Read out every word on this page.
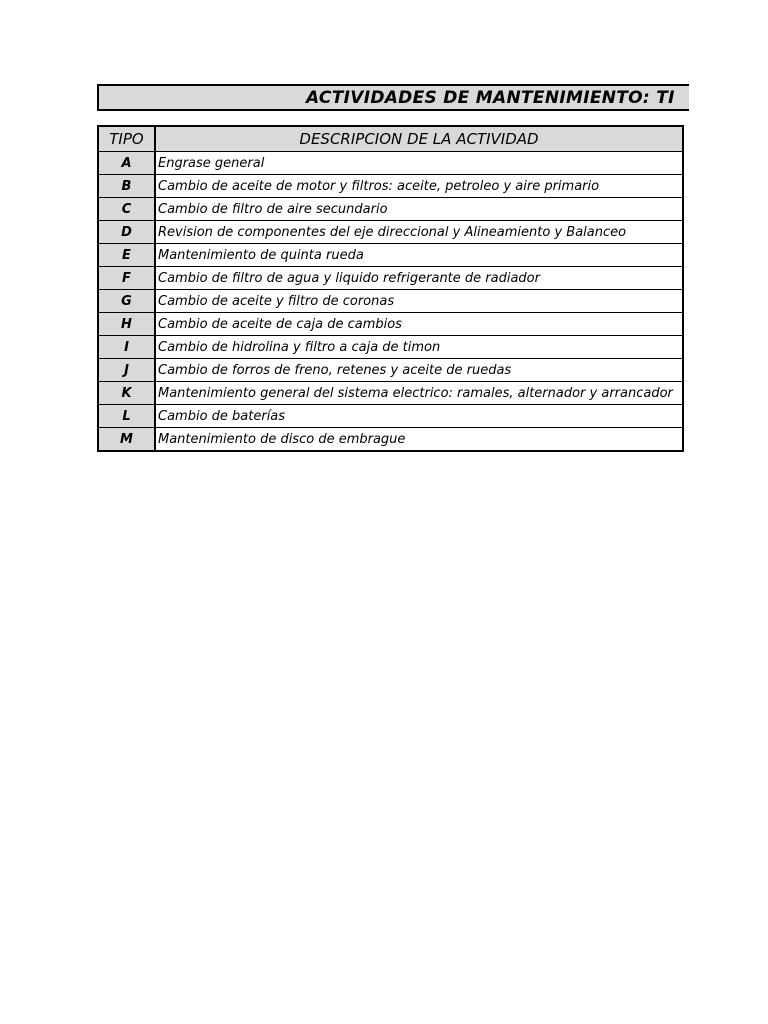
ACTIVIDADES DE MANTENIMIENTO: TI
TIPO	DESCRIPCION DE LA ACTIVIDAD
A	Engrase general
B	Cambio de aceite de motor y filtros: aceite, petroleo y aire primario
C	Cambio de filtro de aire secundario
D	Revision de componentes del eje direccional y Alineamiento y Balanceo
E	Mantenimiento de quinta rueda
F	Cambio de filtro de agua y liquido refrigerante de radiador
G	Cambio de aceite y filtro de coronas
H	Cambio de aceite de caja de cambios
I	Cambio de hidrolina y filtro a caja de timon
J	Cambio de forros de freno, retenes y aceite de ruedas
K	Mantenimiento general del sistema electrico: ramales, alternador y arrancador
L	Cambio de baterías
M	Mantenimiento de disco de embrague
